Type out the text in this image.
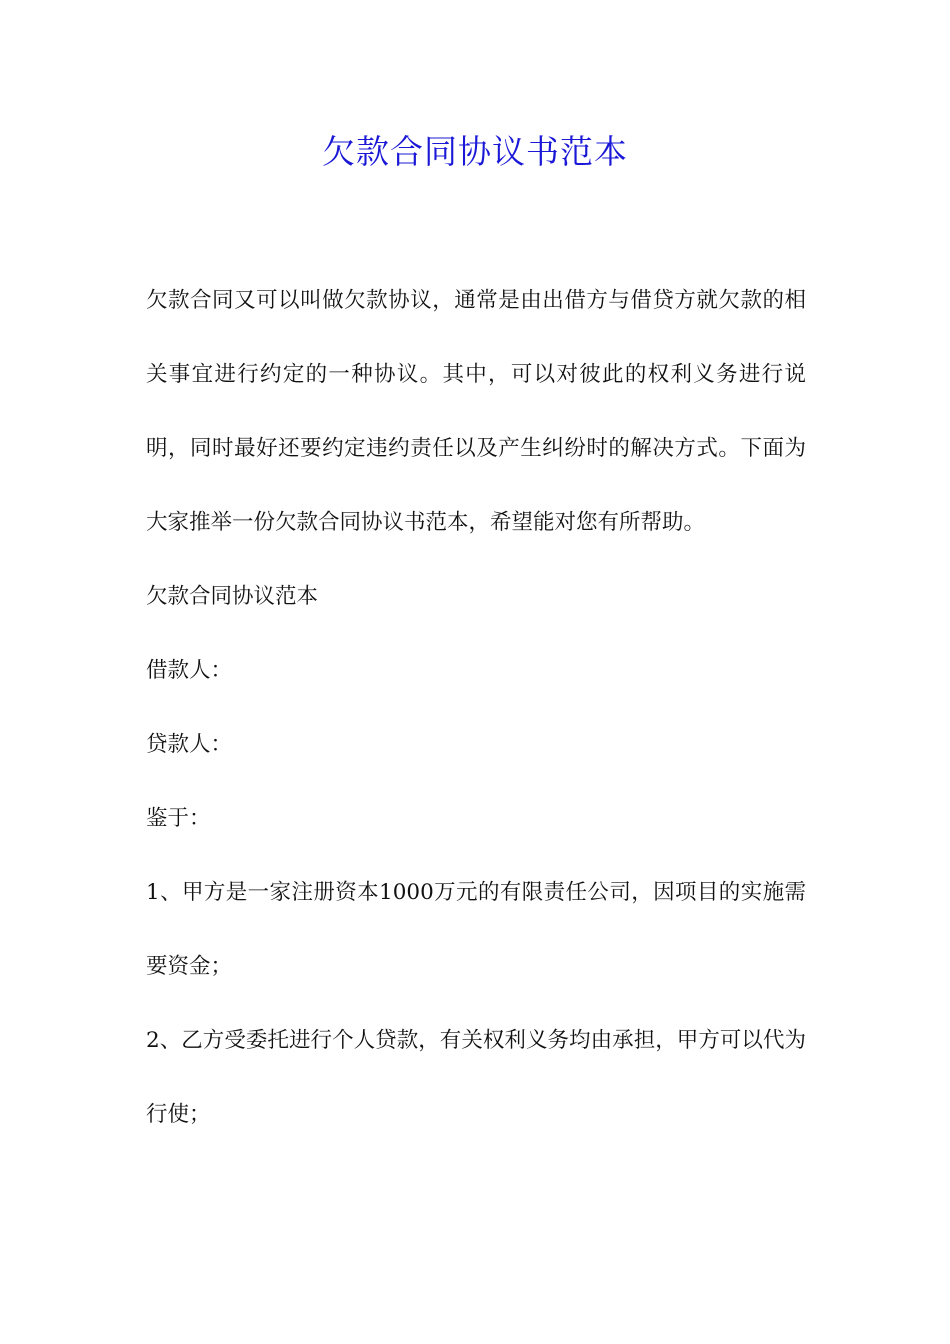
欠款合同协议书范本

欠款合同又可以叫做欠款协议，通常是由出借方与借贷方就欠款的相关事宜进行约定的一种协议。其中，可以对彼此的权利义务进行说明，同时最好还要约定违约责任以及产生纠纷时的解决方式。下面为大家推举一份欠款合同协议书范本，希望能对您有所帮助。

欠款合同协议范本

借款人：

贷款人：

鉴于：

1、甲方是一家注册资本1000万元的有限责任公司，因项目的实施需要资金；

2、乙方受委托进行个人贷款，有关权利义务均由承担，甲方可以代为行使；
